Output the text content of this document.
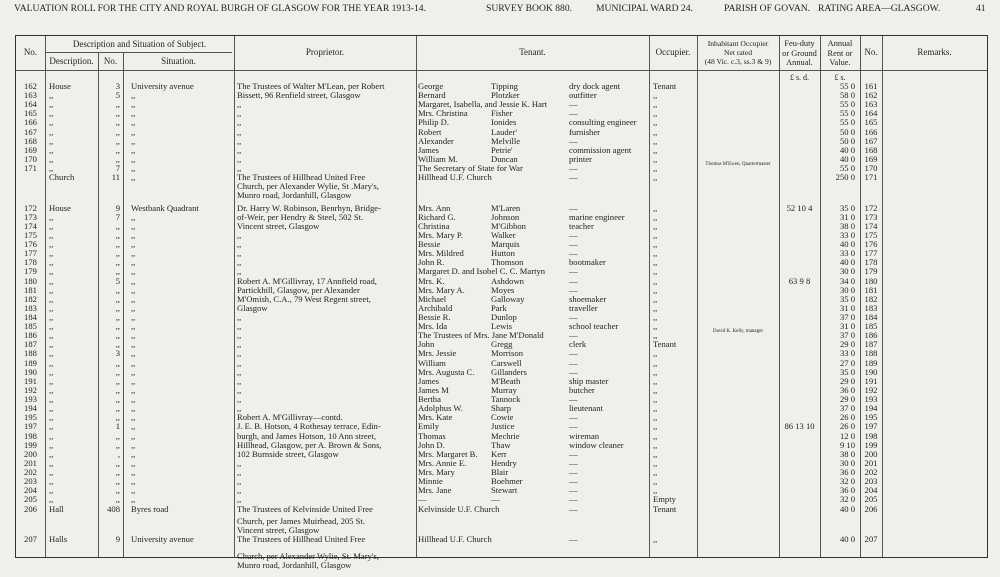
VALUATION ROLL FOR THE CITY AND ROYAL BURGH OF GLASGOW FOR THE YEAR 1913-14.	SURVEY BOOK 880. MUNICIPAL WARD 24.	PARISH OF GOVAN. RATING AREA—GLASGOW.	41
No.
Description and Situation of Subject.
Description.	No.	Situation.
Proprietor.	Tenant.	Occupier.
Inhabitant Occupier
Net rated
(48 Vic. c.3, ss.3 & 9)
Feu-duty
or Ground
Annual.
Annual
Rent or
Value.
No.	Remarks.
£ s. d.	£ s.
162	House	3 University avenue	The Trustees of Walter M'Lean, per Robert	George	Tipping	dry dock agent	Tenant	55 0	161
163	,,	5 ,,	Bissett, 96 Renfield street, Glasgow	Bernard	Plotzker	outfitter	,,	58 0	162
164	,,	,, ,,	,,	Margaret, Isabella, and Jessie K. Hart	—	,,	55 0	163
165	,,	,, ,,	,,	Mrs. Christina	Fisher	—	,,	55 0	164
166	,,	,, ,,	,,	Philip D.	Ionides	consulting engineer	,,	55 0	165
167	,,	,, ,,	,,	Robert	Lauder'	furnisher	,,	50 0	166
168	,,	,, ,,	,,	Alexander	Melville	—	,,	50 0	167
169	,,	,, ,,	,,	James	Petrie'	commission agent	,,	40 0	168
170	,,	,, ,,	,,	William M.	Duncan	printer	,,	40 0	169
171	,,	7 ,,	,,	The Secretary of State for War	—	,,	55 0	170
Thomas M'Ewen, Quartermaster
Church	11 ,,	The Trustees of Hillhead United Free	Hillhead U.F. Church	—	,,	250 0	171
Church, per Alexander Wylie, St .Mary's,
Munro road, Jordanhill, Glasgow
172	House	9 Westbank Quadrant	Dr. Harry W. Robinson, Benrhyn, Bridge-	Mrs. Ann	M'Laren	—	,,	52 10 4	35 0	172
173	,,	7 ,,	of-Weir, per Hendry & Steel, 502 St.	Richard G.	Johnson	marine engineer	,,	31 0	173
174	,,	,, ,,	Vincent street, Glasgow	Christina	M'Gibbon	teacher	,,	38 0	174
175	,,	,, ,,	,,	Mrs. Mary P.	Walker	—	,,	33 0	175
176	,,	,, ,,	,,	Bessie	Marquis	—	,,	40 0	176
177	,,	,, ,,	,,	Mrs. Mildred	Hutton	—	,,	33 0	177
178	,,	,, ,,	,,	John R.	Thomson	bootmaker	,,	40 0	178
179	,,	,, ,,	,,	Margaret D. and Isobel C. C. Martyn	—	,,	30 0	179
180	,,	5 ,,	Robert A. M'Gillivray, 17 Annfield road,	Mrs. K.	Ashdown	—	,,	63 9 8	34 0	180
181	,,	,, ,,	Partickhill, Glasgow, per Alexander	Mrs. Mary A.	Moyes	—	,,	30 0	181
182	,,	,, ,,	M'Omish, C.A., 79 West Regent street,	Michael	Galloway	shoemaker	,,	35 0	182
183	,,	,, ,,	Glasgow	Archibald	Park	traveller	,,	31 0	183
184	,,	,, ,,	,,	Bessie R.	Dunlop	—	,,	37 0	184
185	,,	,, ,,	,,	Mrs. Ida	Lewis	school teacher	,,	31 0	185
186	,,	,, ,,	,,	The Trustees of Mrs. Jane M'Donald	—	,,	37 0	186
David K. Kelly, manager
187	,,	,, ,,	,,	John	Gregg	clerk	Tenant	29 0	187
188	,,	3 ,,	,,	Mrs. Jessie	Morrison	—	,,	33 0	188
189	,,	,, ,,	,,	William	Carswell	—	,,	27 0	189
190	,,	,, ,,	,,	Mrs. Augusta C.	Gillanders	—	,,	35 0	190
191	,,	,, ,,	,,	James	M'Beath	ship master	,,	29 0	191
192	,,	,, ,,	,,	James M	Murray	butcher	,,	36 0	192
193	,,	,, ,,	,,	Bertha	Tannock	—	,,	29 0	193
194	,,	,, ,,	,,	Adolphus W.	Sharp	lieutenant	,,	37 0	194
195	,,	,, ,,	Robert A. M'Gillivray—contd.	Mrs. Kate	Cowie	—	,,	26 0	195
197	,,	1 ,,	J. E. B. Hotson, 4 Rothesay terrace, Edin-	Emily	Justice	—	,,	86 13 10	26 0	197
198	,,	,, ,,	burgh, and James Hotson, 10 Ann street,	Thomas	Mechrie	wireman	,,	12 0	198
199	,,	,, ,,	Hillhead, Glasgow, per A. Brown & Sons,	John D.	Thaw	window cleaner	,,	9 10	199
200	,,	, ,,	102 Burnside street, Glasgow	Mrs. Margaret B.	Kerr	—	,,	38 0	200
201	,,	,, ,,	,,	Mrs. Annie E.	Hendry	—	,,	30 0	201
202	,,	,, ,,	,,	Mrs. Mary	Blair	—	,,	36 0	202
203	,,	,, ,,	,,	Minnie	Boehmer	—	,,	32 0	203
204	,,	,, ,,	,,	Mrs. Jane	Stewart	—	,,	36 0	204
205	,,	,, ,,	,,	—	—	—	Empty	32 0	205
206	Hall	408 Byres road	The Trustees of Kelvinside United Free	Kelvinside U.F. Church	—	Tenant	40 0	206
Church, per James Muirhead, 205 St.
Vincent street, Glasgow
207	Halls	9 University avenue	The Trustees of Hillhead United Free	Hillhead U.F. Church	—	,,	40 0	207
Church, per Alexander Wylie, St. Mary's,
Munro road, Jordanhill, Glasgow
